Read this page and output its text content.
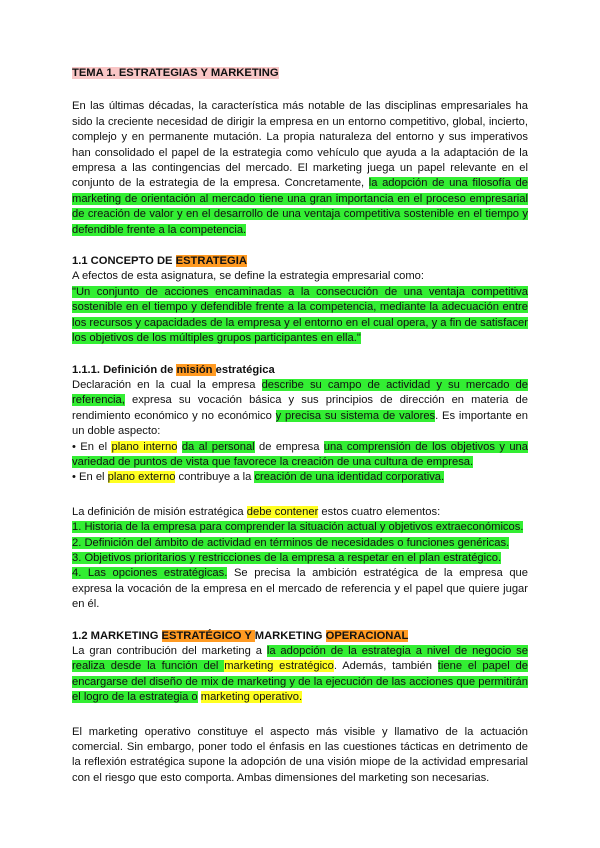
TEMA 1. ESTRATEGIAS Y MARKETING

En las últimas décadas, la característica más notable de las disciplinas empresariales ha sido la creciente necesidad de dirigir la empresa en un entorno competitivo, global, incierto, complejo y en permanente mutación. La propia naturaleza del entorno y sus imperativos han consolidado el papel de la estrategia como vehículo que ayuda a la adaptación de la empresa a las contingencias del mercado. El marketing juega un papel relevante en el conjunto de la estrategia de la empresa. Concretamente, la adopción de una filosofía de marketing de orientación al mercado tiene una gran importancia en el proceso empresarial de creación de valor y en el desarrollo de una ventaja competitiva sostenible en el tiempo y defendible frente a la competencia.

1.1 CONCEPTO DE ESTRATEGIA

A efectos de esta asignatura, se define la estrategia empresarial como:

"Un conjunto de acciones encaminadas a la consecución de una ventaja competitiva sostenible en el tiempo y defendible frente a la competencia, mediante la adecuación entre los recursos y capacidades de la empresa y el entorno en el cual opera, y a fin de satisfacer los objetivos de los múltiples grupos participantes en ella."

1.1.1. Definición de misión estratégica

Declaración en la cual la empresa describe su campo de actividad y su mercado de referencia, expresa su vocación básica y sus principios de dirección en materia de rendimiento económico y no económico y precisa su sistema de valores. Es importante en un doble aspecto:

• En el plano interno da al personal de empresa una comprensión de los objetivos y una variedad de puntos de vista que favorece la creación de una cultura de empresa.

• En el plano externo contribuye a la creación de una identidad corporativa.

La definición de misión estratégica debe contener estos cuatro elementos:

1. Historia de la empresa para comprender la situación actual y objetivos extraeconómicos.

2. Definición del ámbito de actividad en términos de necesidades o funciones genéricas.

3. Objetivos prioritarios y restricciones de la empresa a respetar en el plan estratégico.

4. Las opciones estratégicas. Se precisa la ambición estratégica de la empresa que expresa la vocación de la empresa en el mercado de referencia y el papel que quiere jugar en él.

1.2 MARKETING ESTRATÉGICO Y MARKETING OPERACIONAL

La gran contribución del marketing a la adopción de la estrategia a nivel de negocio se realiza desde la función del marketing estratégico. Además, también tiene el papel de encargarse del diseño de mix de marketing y de la ejecución de las acciones que permitirán el logro de la estrategia o marketing operativo.

El marketing operativo constituye el aspecto más visible y llamativo de la actuación comercial. Sin embargo, poner todo el énfasis en las cuestiones tácticas en detrimento de la reflexión estratégica supone la adopción de una visión miope de la actividad empresarial con el riesgo que esto comporta. Ambas dimensiones del marketing son necesarias.
